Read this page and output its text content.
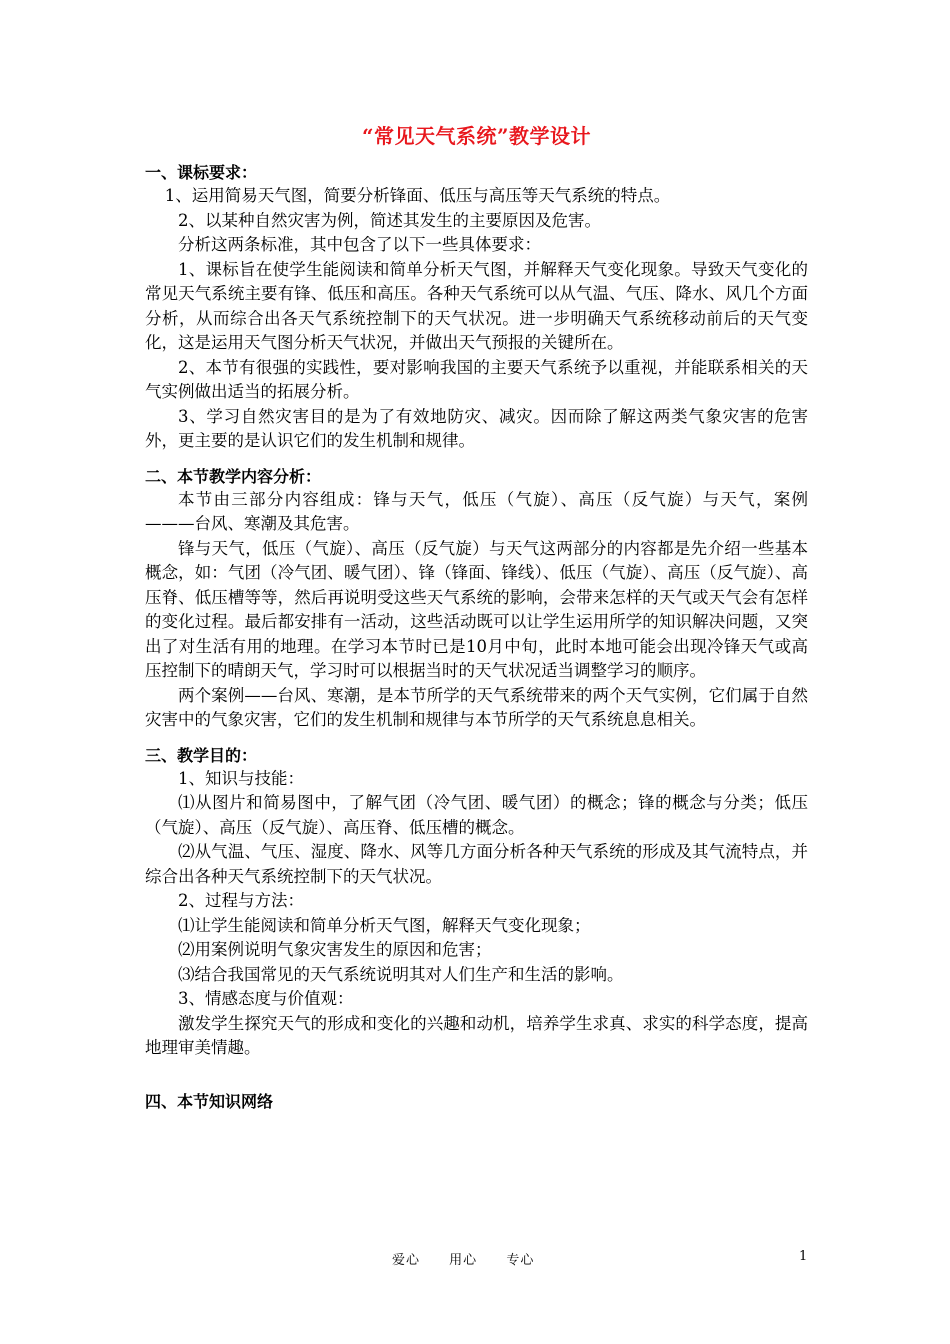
“常见天气系统”教学设计

一、课标要求：

1、运用简易天气图，简要分析锋面、低压与高压等天气系统的特点。

2、以某种自然灾害为例，简述其发生的主要原因及危害。

分析这两条标准，其中包含了以下一些具体要求：

1、课标旨在使学生能阅读和简单分析天气图，并解释天气变化现象。导致天气变化的常见天气系统主要有锋、低压和高压。各种天气系统可以从气温、气压、降水、风几个方面分析，从而综合出各天气系统控制下的天气状况。进一步明确天气系统移动前后的天气变化，这是运用天气图分析天气状况，并做出天气预报的关键所在。

2、本节有很强的实践性，要对影响我国的主要天气系统予以重视，并能联系相关的天气实例做出适当的拓展分析。

3、学习自然灾害目的是为了有效地防灾、减灾。因而除了解这两类气象灾害的危害外，更主要的是认识它们的发生机制和规律。

二、本节教学内容分析：

本节由三部分内容组成：锋与天气，低压（气旋）、高压（反气旋）与天气，案例———台风、寒潮及其危害。

锋与天气，低压（气旋）、高压（反气旋）与天气这两部分的内容都是先介绍一些基本概念，如：气团（冷气团、暖气团）、锋（锋面、锋线）、低压（气旋）、高压（反气旋）、高压脊、低压槽等等，然后再说明受这些天气系统的影响，会带来怎样的天气或天气会有怎样的变化过程。最后都安排有一活动，这些活动既可以让学生运用所学的知识解决问题，又突出了对生活有用的地理。在学习本节时已是10月中旬，此时本地可能会出现冷锋天气或高压控制下的晴朗天气，学习时可以根据当时的天气状况适当调整学习的顺序。

两个案例——台风、寒潮，是本节所学的天气系统带来的两个天气实例，它们属于自然灾害中的气象灾害，它们的发生机制和规律与本节所学的天气系统息息相关。

三、教学目的：

1、知识与技能：

⑴从图片和简易图中，了解气团（冷气团、暖气团）的概念；锋的概念与分类；低压（气旋）、高压（反气旋）、高压脊、低压槽的概念。

⑵从气温、气压、湿度、降水、风等几方面分析各种天气系统的形成及其气流特点，并综合出各种天气系统控制下的天气状况。

2、过程与方法：

⑴让学生能阅读和简单分析天气图，解释天气变化现象；

⑵用案例说明气象灾害发生的原因和危害；

⑶结合我国常见的天气系统说明其对人们生产和生活的影响。

3、情感态度与价值观：

激发学生探究天气的形成和变化的兴趣和动机，培养学生求真、求实的科学态度，提高地理审美情趣。

四、本节知识网络

爱心 用心 专心	1
